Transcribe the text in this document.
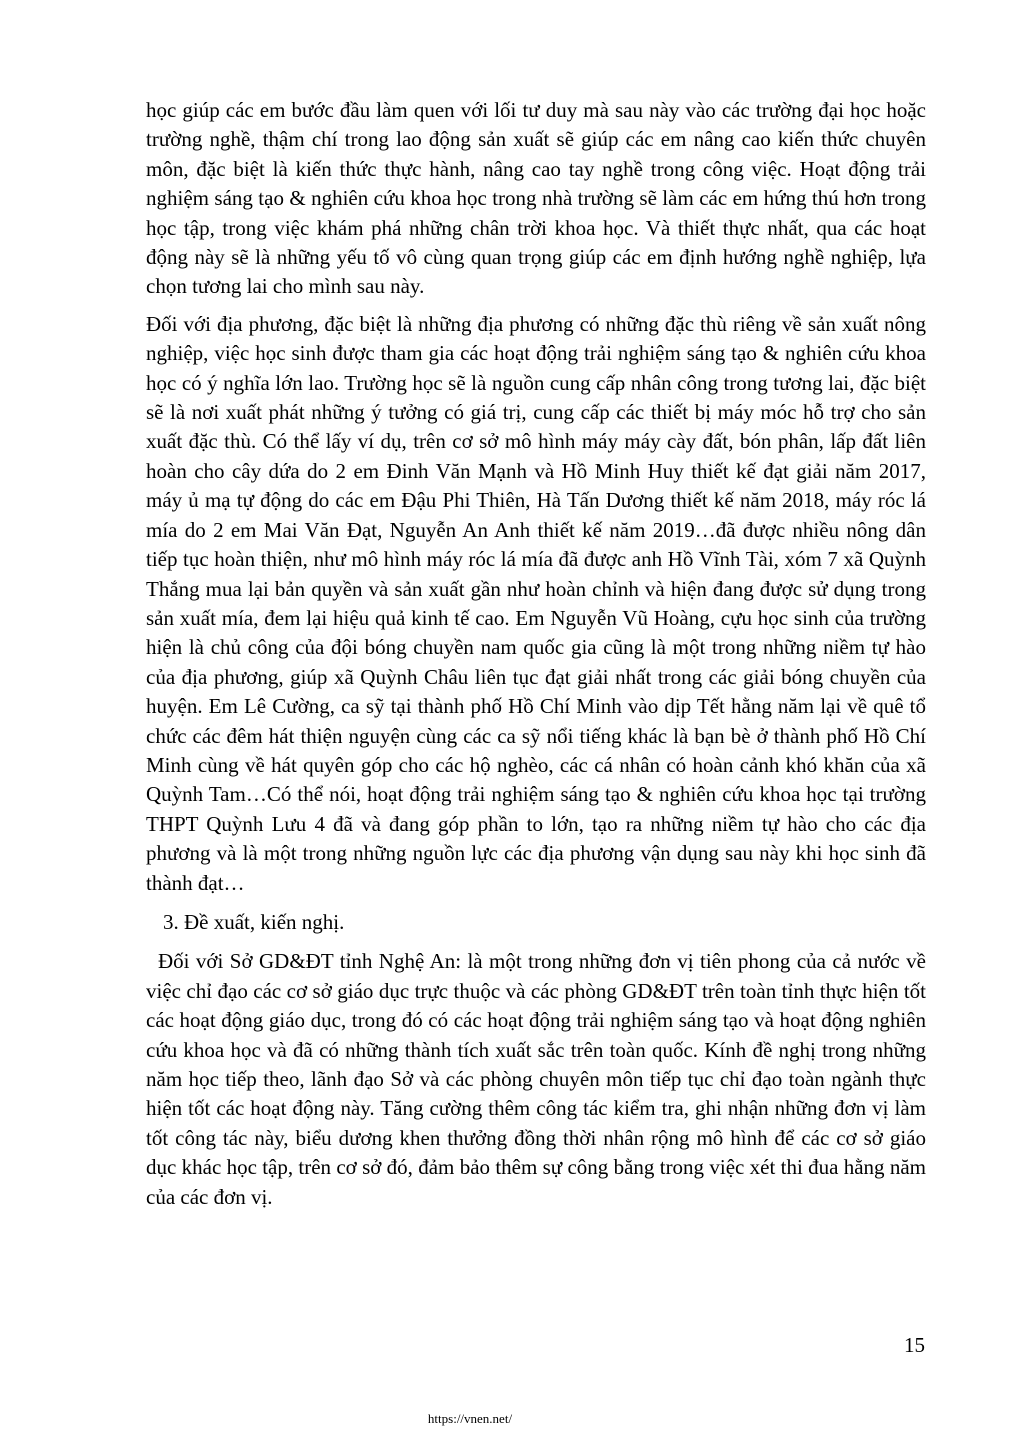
học giúp các em bước đầu làm quen với lối tư duy mà sau này vào các trường đại học hoặc trường nghề, thậm chí trong lao động sản xuất sẽ giúp các em nâng cao kiến thức chuyên môn, đặc biệt là kiến thức thực hành, nâng cao tay nghề trong công việc. Hoạt động trải nghiệm sáng tạo & nghiên cứu khoa học trong nhà trường sẽ làm các em hứng thú hơn trong học tập, trong việc khám phá những chân trời khoa học. Và thiết thực nhất, qua các hoạt động này sẽ là những yếu tố vô cùng quan trọng giúp các em định hướng nghề nghiệp, lựa chọn tương lai cho mình sau này.

Đối với địa phương, đặc biệt là những địa phương có những đặc thù riêng về sản xuất nông nghiệp, việc học sinh được tham gia các hoạt động trải nghiệm sáng tạo & nghiên cứu khoa học có ý nghĩa lớn lao. Trường học sẽ là nguồn cung cấp nhân công trong tương lai, đặc biệt sẽ là nơi xuất phát những ý tưởng có giá trị, cung cấp các thiết bị máy móc hỗ trợ cho sản xuất đặc thù. Có thể lấy ví dụ, trên cơ sở mô hình máy máy cày đất, bón phân, lấp đất liên hoàn cho cây dứa do 2 em Đinh Văn Mạnh và Hồ Minh Huy thiết kế đạt giải năm 2017, máy ủ mạ tự động do các em Đậu Phi Thiên, Hà Tấn Dương thiết kế năm 2018, máy róc lá mía do 2 em Mai Văn Đạt, Nguyễn An Anh thiết kế năm 2019…đã được nhiều nông dân tiếp tục hoàn thiện, như mô hình máy róc lá mía đã được anh Hồ Vĩnh Tài, xóm 7 xã Quỳnh Thắng mua lại bản quyền và sản xuất gần như hoàn chỉnh và hiện đang được sử dụng trong sản xuất mía, đem lại hiệu quả kinh tế cao. Em Nguyễn Vũ Hoàng, cựu học sinh của trường hiện là chủ công của đội bóng chuyền nam quốc gia cũng là một trong những niềm tự hào của địa phương, giúp xã Quỳnh Châu liên tục đạt giải nhất trong các giải bóng chuyền của huyện. Em Lê Cường, ca sỹ tại thành phố Hồ Chí Minh vào dịp Tết hằng năm lại về quê tổ chức các đêm hát thiện nguyện cùng các ca sỹ nổi tiếng khác là bạn bè ở thành phố Hồ Chí Minh cùng về hát quyên góp cho các hộ nghèo, các cá nhân có hoàn cảnh khó khăn của xã Quỳnh Tam…Có thể nói, hoạt động trải nghiệm sáng tạo & nghiên cứu khoa học tại trường THPT Quỳnh Lưu 4 đã và đang góp phần to lớn, tạo ra những niềm tự hào cho các địa phương và là một trong những nguồn lực các địa phương vận dụng sau này khi học sinh đã thành đạt…

3. Đề xuất, kiến nghị.

Đối với Sở GD&ĐT tỉnh Nghệ An: là một trong những đơn vị tiên phong của cả nước về việc chỉ đạo các cơ sở giáo dục trực thuộc và các phòng GD&ĐT trên toàn tỉnh thực hiện tốt các hoạt động giáo dục, trong đó có các hoạt động trải nghiệm sáng tạo và hoạt động nghiên cứu khoa học và đã có những thành tích xuất sắc trên toàn quốc. Kính đề nghị trong những năm học tiếp theo, lãnh đạo Sở và các phòng chuyên môn tiếp tục chỉ đạo toàn ngành thực hiện tốt các hoạt động này. Tăng cường thêm công tác kiểm tra, ghi nhận những đơn vị làm tốt công tác này, biểu dương khen thưởng đồng thời nhân rộng mô hình để các cơ sở giáo dục khác học tập, trên cơ sở đó, đảm bảo thêm sự công bằng trong việc xét thi đua hằng năm của các đơn vị.

15
https://vnen.net/
